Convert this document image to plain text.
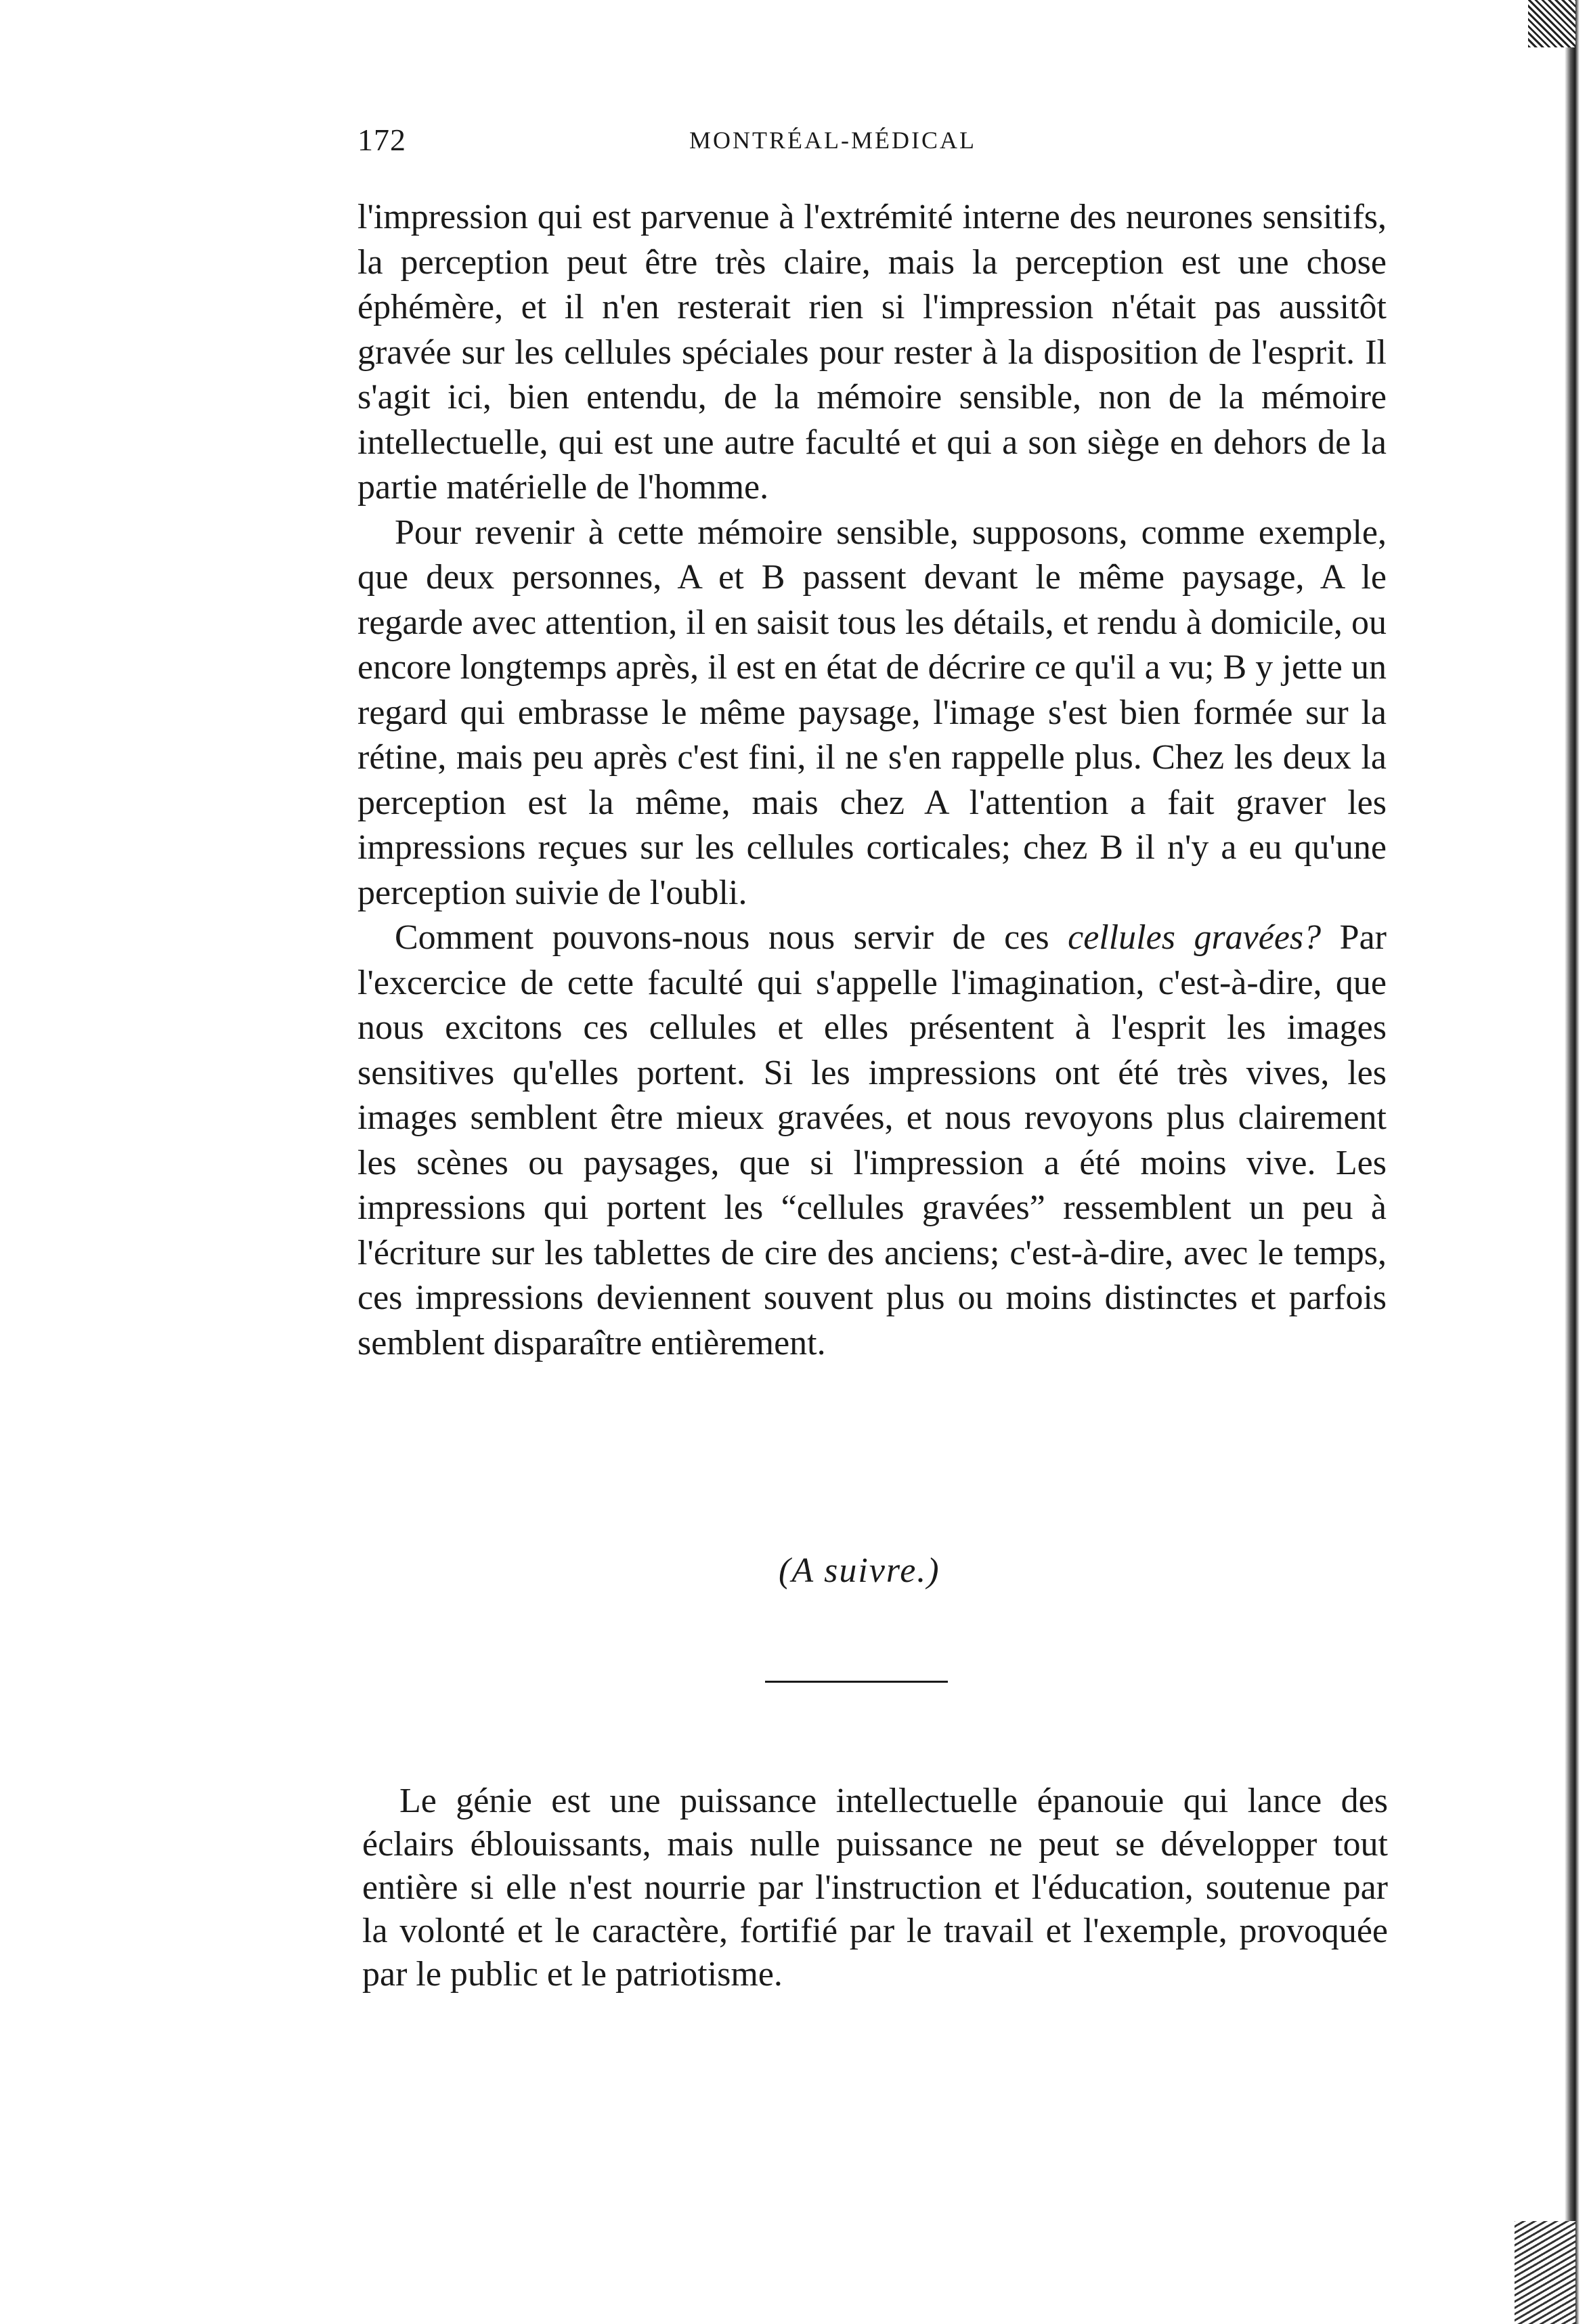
172	MONTRÉAL-MÉDICAL

l'impression qui est parvenue à l'extrémité interne des neurones sensitifs, la perception peut être très claire, mais la perception est une chose éphémère, et il n'en resterait rien si l'impression n'était pas aussitôt gravée sur les cellules spéciales pour rester à la disposition de l'esprit. Il s'agit ici, bien entendu, de la mémoire sensible, non de la mémoire intellectuelle, qui est une autre faculté et qui a son siège en dehors de la partie matérielle de l'homme.

Pour revenir à cette mémoire sensible, supposons, comme exemple, que deux personnes, A et B passent devant le même paysage, A le regarde avec attention, il en saisit tous les détails, et rendu à domicile, ou encore longtemps après, il est en état de décrire ce qu'il a vu; B y jette un regard qui embrasse le même paysage, l'image s'est bien formée sur la rétine, mais peu après c'est fini, il ne s'en rappelle plus. Chez les deux la perception est la même, mais chez A l'attention a fait graver les impressions reçues sur les cellules corticales; chez B il n'y a eu qu'une perception suivie de l'oubli.

Comment pouvons-nous nous servir de ces cellules gravées? Par l'excercice de cette faculté qui s'appelle l'imagination, c'est-à-dire, que nous excitons ces cellules et elles présentent à l'esprit les images sensitives qu'elles portent. Si les impressions ont été très vives, les images semblent être mieux gravées, et nous revoyons plus clairement les scènes ou paysages, que si l'impression a été moins vive. Les impressions qui portent les “cellules gravées” ressemblent un peu à l'écriture sur les tablettes de cire des anciens; c'est-à-dire, avec le temps, ces impressions deviennent souvent plus ou moins distinctes et parfois semblent disparaître entièrement.

(A suivre.)

Le génie est une puissance intellectuelle épanouie qui lance des éclairs éblouissants, mais nulle puissance ne peut se développer tout entière si elle n'est nourrie par l'instruction et l'éducation, soutenue par la volonté et le caractère, fortifié par le travail et l'exemple, provoquée par le public et le patriotisme.
